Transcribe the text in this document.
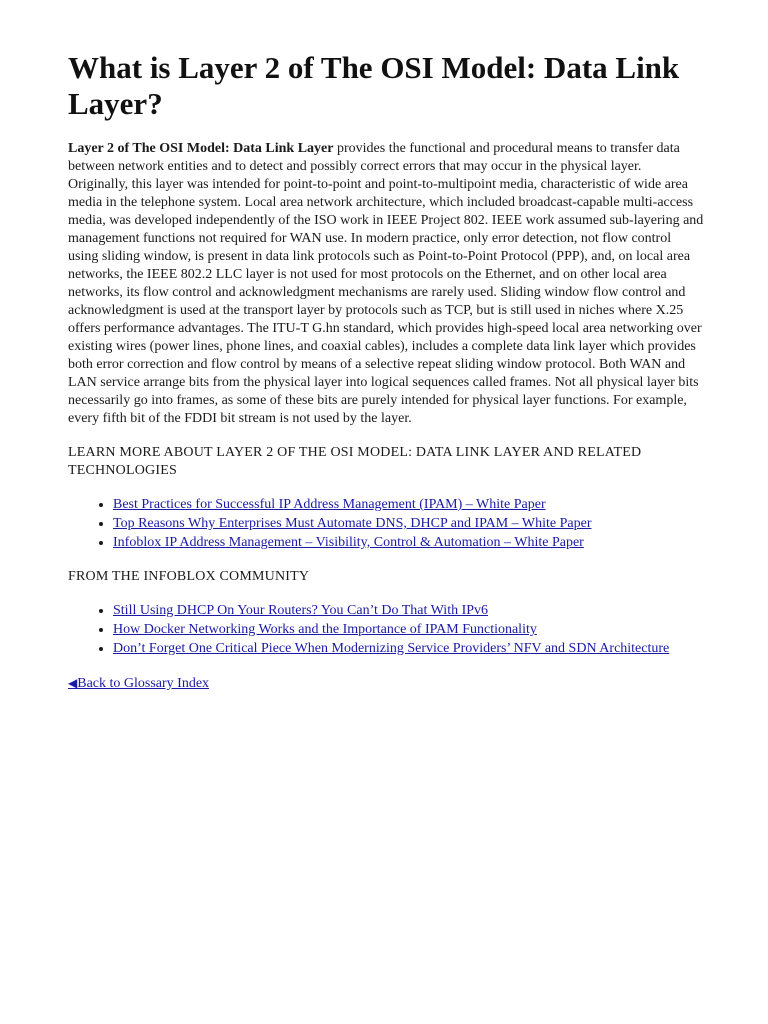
What is Layer 2 of The OSI Model: Data Link Layer?

Layer 2 of The OSI Model: Data Link Layer provides the functional and procedural means to transfer data between network entities and to detect and possibly correct errors that may occur in the physical layer. Originally, this layer was intended for point-to-point and point-to-multipoint media, characteristic of wide area media in the telephone system. Local area network architecture, which included broadcast-capable multi-access media, was developed independently of the ISO work in IEEE Project 802. IEEE work assumed sub-layering and management functions not required for WAN use. In modern practice, only error detection, not flow control using sliding window, is present in data link protocols such as Point-to-Point Protocol (PPP), and, on local area networks, the IEEE 802.2 LLC layer is not used for most protocols on the Ethernet, and on other local area networks, its flow control and acknowledgment mechanisms are rarely used. Sliding window flow control and acknowledgment is used at the transport layer by protocols such as TCP, but is still used in niches where X.25 offers performance advantages. The ITU-T G.hn standard, which provides high-speed local area networking over existing wires (power lines, phone lines, and coaxial cables), includes a complete data link layer which provides both error correction and flow control by means of a selective repeat sliding window protocol. Both WAN and LAN service arrange bits from the physical layer into logical sequences called frames. Not all physical layer bits necessarily go into frames, as some of these bits are purely intended for physical layer functions. For example, every fifth bit of the FDDI bit stream is not used by the layer.

LEARN MORE ABOUT LAYER 2 OF THE OSI MODEL: DATA LINK LAYER AND RELATED TECHNOLOGIES
• Best Practices for Successful IP Address Management (IPAM) – White Paper
• Top Reasons Why Enterprises Must Automate DNS, DHCP and IPAM – White Paper
• Infoblox IP Address Management – Visibility, Control & Automation – White Paper
FROM THE INFOBLOX COMMUNITY
• Still Using DHCP On Your Routers? You Can’t Do That With IPv6
• How Docker Networking Works and the Importance of IPAM Functionality
• Don’t Forget One Critical Piece When Modernizing Service Providers’ NFV and SDN Architecture
◀Back to Glossary Index
